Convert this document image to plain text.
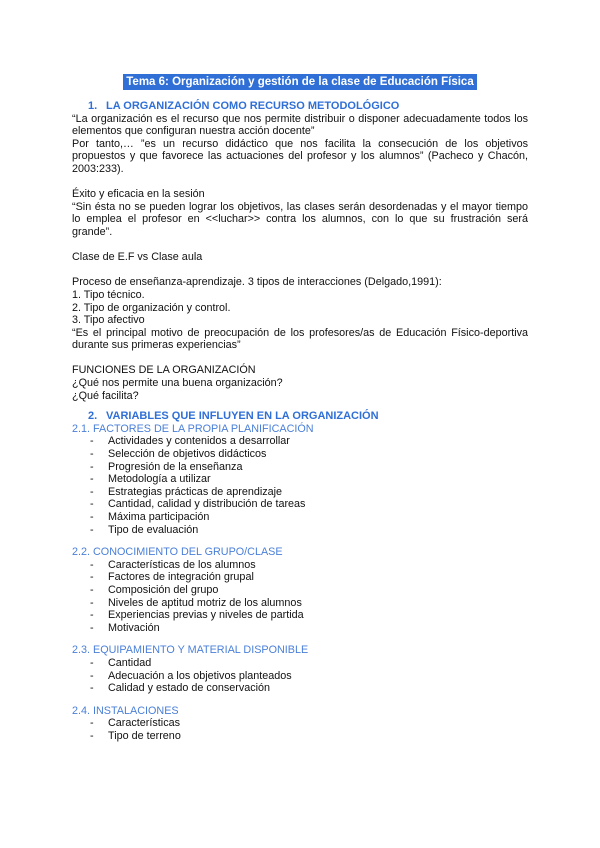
Tema 6: Organización y gestión de la clase de Educación Física
1. LA ORGANIZACIÓN COMO RECURSO METODOLÓGICO

“La organización es el recurso que nos permite distribuir o disponer adecuadamente todos los elementos que configuran nuestra acción docente”

Por tanto,… ”es un recurso didáctico que nos facilita la consecución de los objetivos propuestos y que favorece las actuaciones del profesor y los alumnos” (Pacheco y Chacón, 2003:233).

Éxito y eficacia en la sesión

“Sin ésta no se pueden lograr los objetivos, las clases serán desordenadas y el mayor tiempo lo emplea el profesor en <<luchar>> contra los alumnos, con lo que su frustración será grande”.

Clase de E.F vs Clase aula

Proceso de enseñanza-aprendizaje. 3 tipos de interacciones (Delgado,1991):

1. Tipo técnico.

2. Tipo de organización y control.

3. Tipo afectivo

“Es el principal motivo de preocupación de los profesores/as de Educación Físico-deportiva durante sus primeras experiencias”

FUNCIONES DE LA ORGANIZACIÓN

¿Qué nos permite una buena organización?

¿Qué facilita?

2. VARIABLES QUE INFLUYEN EN LA ORGANIZACIÓN
2.1. FACTORES DE LA PROPIA PLANIFICACIÓN
- Actividades y contenidos a desarrollar
- Selección de objetivos didácticos
- Progresión de la enseñanza
- Metodología a utilizar
- Estrategias prácticas de aprendizaje
- Cantidad, calidad y distribución de tareas
- Máxima participación
- Tipo de evaluación
2.2. CONOCIMIENTO DEL GRUPO/CLASE
- Características de los alumnos
- Factores de integración grupal
- Composición del grupo
- Niveles de aptitud motriz de los alumnos
- Experiencias previas y niveles de partida
- Motivación
2.3. EQUIPAMIENTO Y MATERIAL DISPONIBLE
- Cantidad
- Adecuación a los objetivos planteados
- Calidad y estado de conservación
2.4. INSTALACIONES
- Características
- Tipo de terreno
